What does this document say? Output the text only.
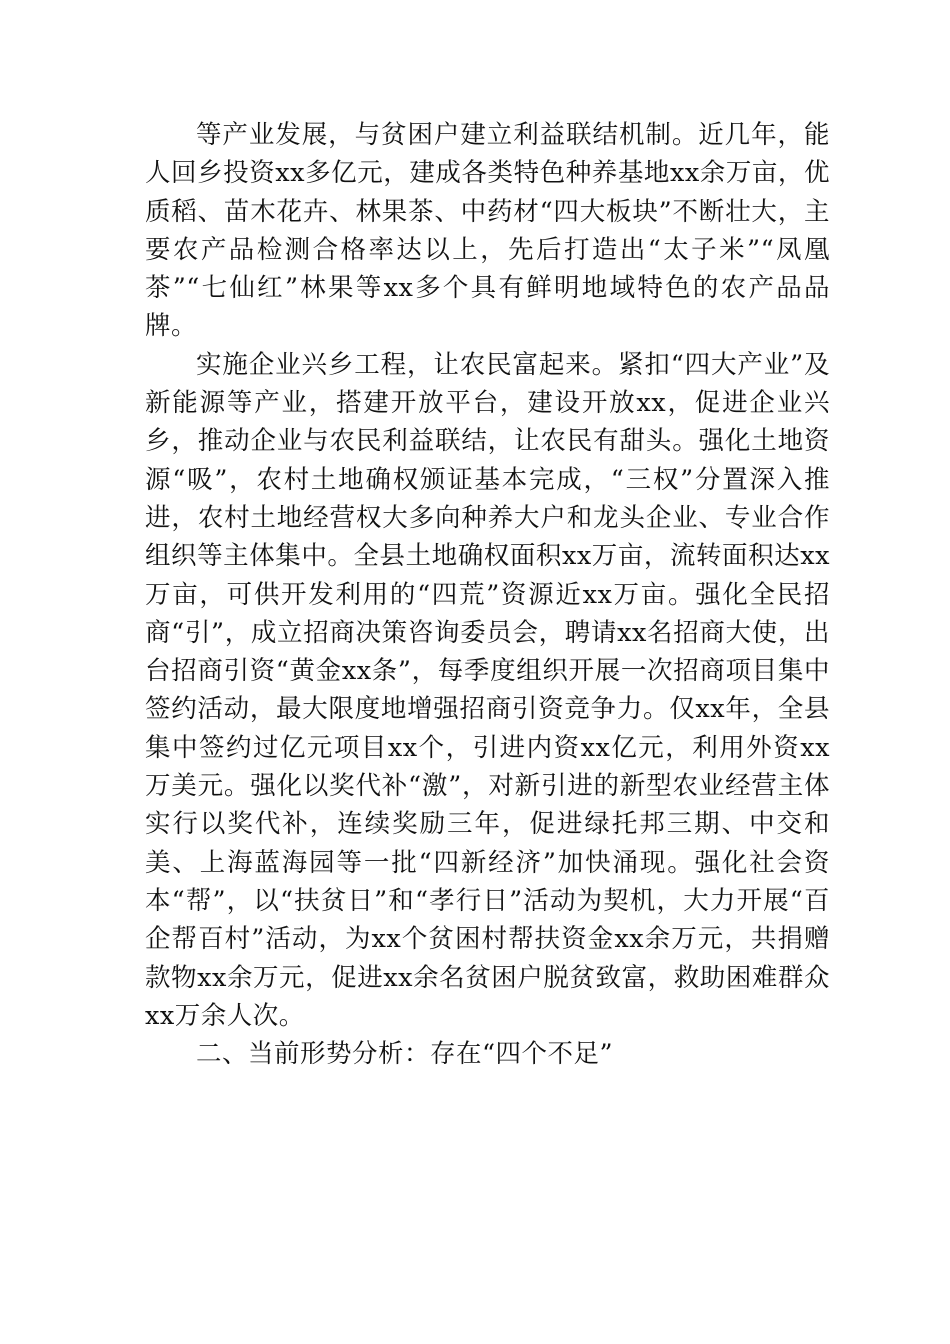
等产业发展，与贫困户建立利益联结机制。近几年，能人回乡投资xx多亿元，建成各类特色种养基地xx余万亩，优质稻、苗木花卉、林果茶、中药材“四大板块”不断壮大，主要农产品检测合格率达以上，先后打造出“太子米”“凤凰茶”“七仙红”林果等xx多个具有鲜明地域特色的农产品品牌。

实施企业兴乡工程，让农民富起来。紧扣“四大产业”及新能源等产业，搭建开放平台，建设开放xx，促进企业兴乡，推动企业与农民利益联结，让农民有甜头。强化土地资源“吸”，农村土地确权颁证基本完成，“三权”分置深入推进，农村土地经营权大多向种养大户和龙头企业、专业合作组织等主体集中。全县土地确权面积xx万亩，流转面积达xx万亩，可供开发利用的“四荒”资源近xx万亩。强化全民招商“引”，成立招商决策咨询委员会，聘请xx名招商大使，出台招商引资“黄金xx条”，每季度组织开展一次招商项目集中签约活动，最大限度地增强招商引资竞争力。仅xx年，全县集中签约过亿元项目xx个，引进内资xx亿元，利用外资xx万美元。强化以奖代补“激”，对新引进的新型农业经营主体实行以奖代补，连续奖励三年，促进绿托邦三期、中交和美、上海蓝海园等一批“四新经济”加快涌现。强化社会资本“帮”，以“扶贫日”和“孝行日”活动为契机，大力开展“百企帮百村”活动，为xx个贫困村帮扶资金xx余万元，共捐赠款物xx余万元，促进xx余名贫困户脱贫致富，救助困难群众xx万余人次。

二、当前形势分析：存在“四个不足”
